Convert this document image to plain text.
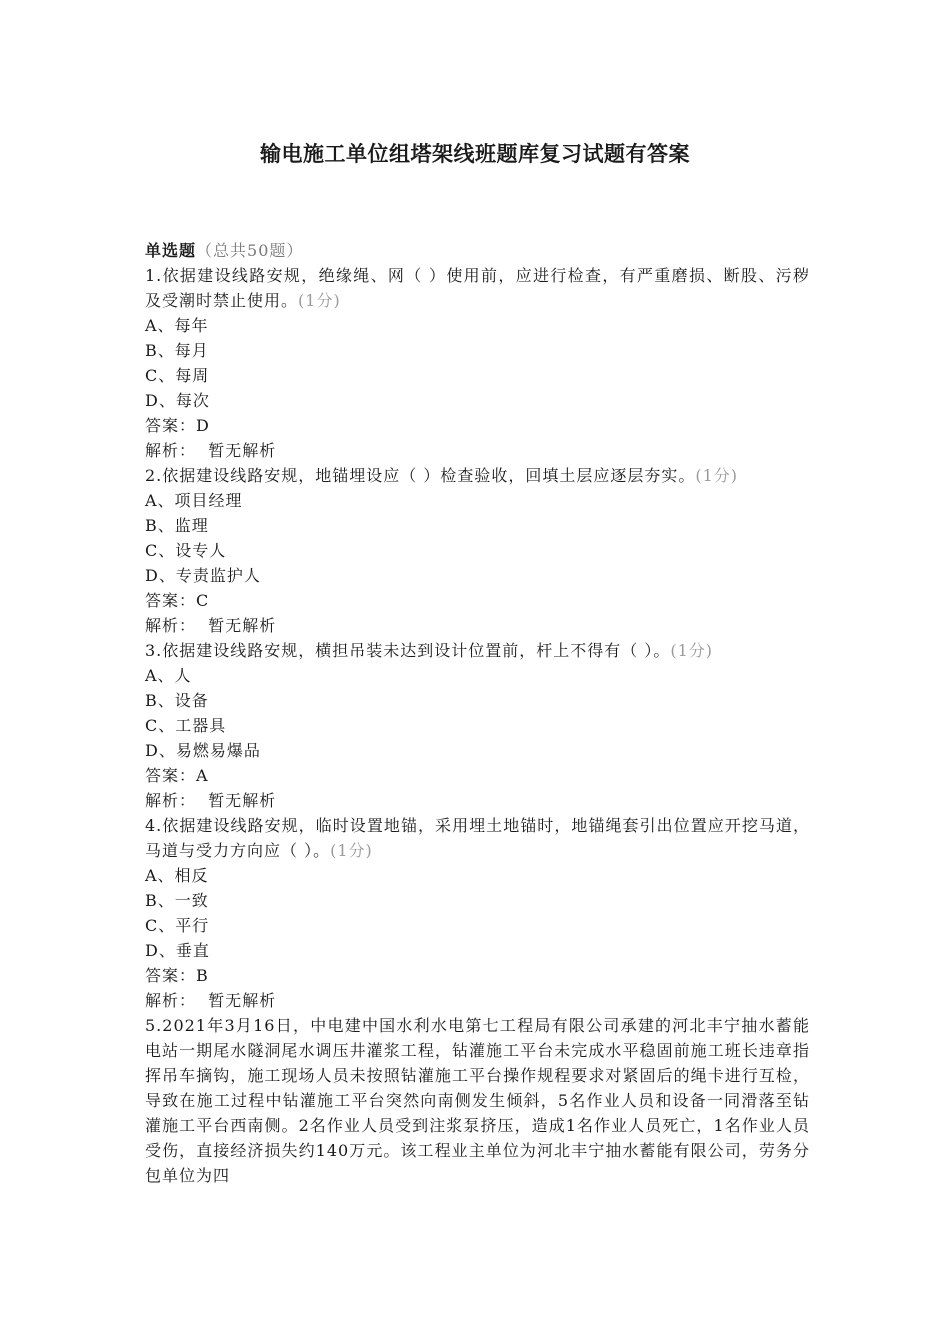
输电施工单位组塔架线班题库复习试题有答案

单选题（总共50题）

1.依据建设线路安规，绝缘绳、网（ ）使用前，应进行检查，有严重磨损、断股、污秽及受潮时禁止使用。(1分)

A、每年

B、每月

C、每周

D、每次

答案：D

解析： 暂无解析

2.依据建设线路安规，地锚埋设应（ ）检查验收，回填土层应逐层夯实。(1分)

A、项目经理

B、监理

C、设专人

D、专责监护人

答案：C

解析： 暂无解析

3.依据建设线路安规，横担吊装未达到设计位置前，杆上不得有（ ）。(1分)

A、人

B、设备

C、工器具

D、易燃易爆品

答案：A

解析： 暂无解析

4.依据建设线路安规，临时设置地锚，采用埋土地锚时，地锚绳套引出位置应开挖马道，马道与受力方向应（ ）。(1分)

A、相反

B、一致

C、平行

D、垂直

答案：B

解析： 暂无解析

5.2021年3月16日，中电建中国水利水电第七工程局有限公司承建的河北丰宁抽水蓄能电站一期尾水隧洞尾水调压井灌浆工程，钻灌施工平台未完成水平稳固前施工班长违章指挥吊车摘钩，施工现场人员未按照钻灌施工平台操作规程要求对紧固后的绳卡进行互检，导致在施工过程中钻灌施工平台突然向南侧发生倾斜，5名作业人员和设备一同滑落至钻灌施工平台西南侧。2名作业人员受到注浆泵挤压，造成1名作业人员死亡，1名作业人员受伤，直接经济损失约140万元。该工程业主单位为河北丰宁抽水蓄能有限公司，劳务分包单位为四
